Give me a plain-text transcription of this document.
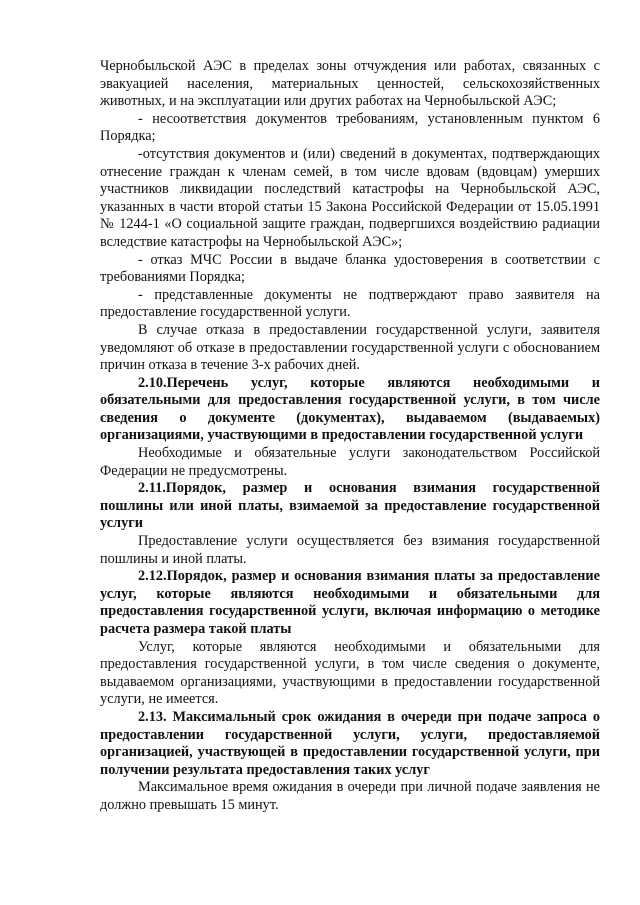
Чернобыльской АЭС в пределах зоны отчуждения или работах, связанных с эвакуацией населения, материальных ценностей, сельскохозяйственных животных, и на эксплуатации или других работах на Чернобыльской АЭС;

- несоответствия документов требованиям, установленным пунктом 6 Порядка;

-отсутствия документов и (или) сведений в документах, подтверждающих отнесение граждан к членам семей, в том числе вдовам (вдовцам) умерших участников ликвидации последствий катастрофы на Чернобыльской АЭС, указанных в части второй статьи 15 Закона Российской Федерации от 15.05.1991 № 1244-1 «О социальной защите граждан, подвергшихся воздействию радиации вследствие катастрофы на Чернобыльской АЭС»;

- отказ МЧС России в выдаче бланка удостоверения в соответствии с требованиями Порядка;

- представленные документы не подтверждают право заявителя на предоставление государственной услуги.

В случае отказа в предоставлении государственной услуги, заявителя уведомляют об отказе в предоставлении государственной услуги с обоснованием причин отказа в течение 3-х рабочих дней.

2.10.Перечень услуг, которые являются необходимыми и обязательными для предоставления государственной услуги, в том числе сведения о документе (документах), выдаваемом (выдаваемых) организациями, участвующими в предоставлении государственной услуги

Необходимые и обязательные услуги законодательством Российской Федерации не предусмотрены.

2.11.Порядок, размер и основания взимания государственной пошлины или иной платы, взимаемой за предоставление государственной услуги

Предоставление услуги осуществляется без взимания государственной пошлины и иной платы.

2.12.Порядок, размер и основания взимания платы за предоставление услуг, которые являются необходимыми и обязательными для предоставления государственной услуги, включая информацию о методике расчета размера такой платы

Услуг, которые являются необходимыми и обязательными для предоставления государственной услуги, в том числе сведения о документе, выдаваемом организациями, участвующими в предоставлении государственной услуги, не имеется.

2.13. Максимальный срок ожидания в очереди при подаче запроса о предоставлении государственной услуги, услуги, предоставляемой организацией, участвующей в предоставлении государственной услуги, при получении результата предоставления таких услуг

Максимальное время ожидания в очереди при личной подаче заявления не должно превышать 15 минут.
